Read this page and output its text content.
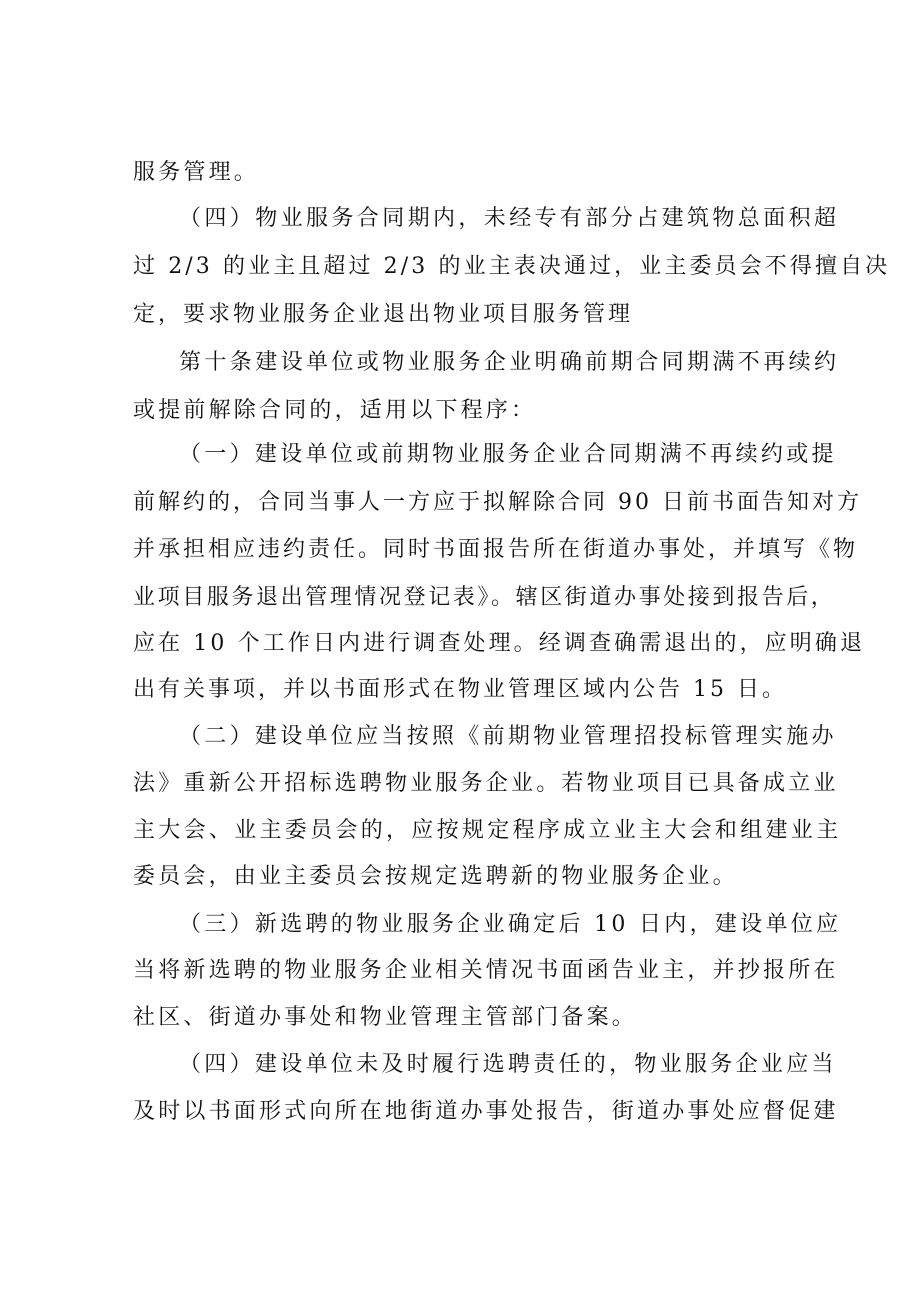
服务管理。
（四）物业服务合同期内，未经专有部分占建筑物总面积超
过 2/3 的业主且超过 2/3 的业主表决通过，业主委员会不得擅自决
定，要求物业服务企业退出物业项目服务管理
第十条建设单位或物业服务企业明确前期合同期满不再续约
或提前解除合同的，适用以下程序：
（一）建设单位或前期物业服务企业合同期满不再续约或提
前解约的，合同当事人一方应于拟解除合同 90 日前书面告知对方
并承担相应违约责任。同时书面报告所在街道办事处，并填写《物
业项目服务退出管理情况登记表》。辖区街道办事处接到报告后，
应在 10 个工作日内进行调查处理。经调查确需退出的，应明确退
出有关事项，并以书面形式在物业管理区域内公告 15 日。
（二）建设单位应当按照《前期物业管理招投标管理实施办
法》重新公开招标选聘物业服务企业。若物业项目已具备成立业
主大会、业主委员会的，应按规定程序成立业主大会和组建业主
委员会，由业主委员会按规定选聘新的物业服务企业。
（三）新选聘的物业服务企业确定后 10 日内，建设单位应
当将新选聘的物业服务企业相关情况书面函告业主，并抄报所在
社区、街道办事处和物业管理主管部门备案。
（四）建设单位未及时履行选聘责任的，物业服务企业应当
及时以书面形式向所在地街道办事处报告，街道办事处应督促建
